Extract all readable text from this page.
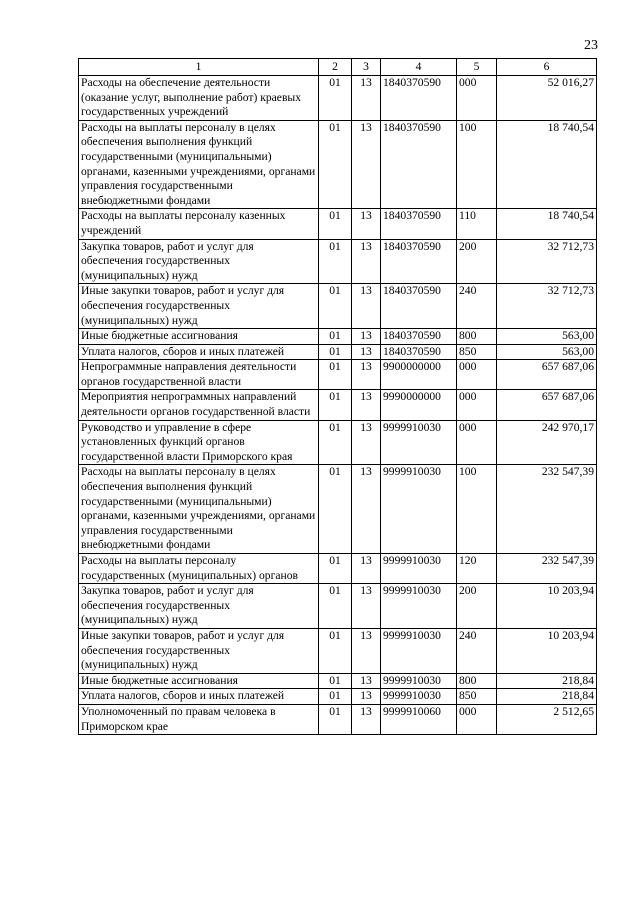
23
1	2	3	4	5	6
Расходы на обеспечение деятельности (оказание услуг, выполнение работ) краевых государственных учреждений	01	13	1840370590	000	52 016,27
Расходы на выплаты персоналу в целях обеспечения выполнения функций государственными (муниципальными) органами, казенными учреждениями, органами управления государственными внебюджетными фондами	01	13	1840370590	100	18 740,54
Расходы на выплаты персоналу казенных учреждений	01	13	1840370590	110	18 740,54
Закупка товаров, работ и услуг для обеспечения государственных (муниципальных) нужд	01	13	1840370590	200	32 712,73
Иные закупки товаров, работ и услуг для обеспечения государственных (муниципальных) нужд	01	13	1840370590	240	32 712,73
Иные бюджетные ассигнования	01	13	1840370590	800	563,00
Уплата налогов, сборов и иных платежей	01	13	1840370590	850	563,00
Непрограммные направления деятельности органов государственной власти	01	13	9900000000	000	657 687,06
Мероприятия непрограммных направлений деятельности органов государственной власти	01	13	9990000000	000	657 687,06
Руководство и управление в сфере установленных функций органов государственной власти Приморского края	01	13	9999910030	000	242 970,17
Расходы на выплаты персоналу в целях обеспечения выполнения функций государственными (муниципальными) органами, казенными учреждениями, органами управления государственными внебюджетными фондами	01	13	9999910030	100	232 547,39
Расходы на выплаты персоналу государственных (муниципальных) органов	01	13	9999910030	120	232 547,39
Закупка товаров, работ и услуг для обеспечения государственных (муниципальных) нужд	01	13	9999910030	200	10 203,94
Иные закупки товаров, работ и услуг для обеспечения государственных (муниципальных) нужд	01	13	9999910030	240	10 203,94
Иные бюджетные ассигнования	01	13	9999910030	800	218,84
Уплата налогов, сборов и иных платежей	01	13	9999910030	850	218,84
Уполномоченный по правам человека в Приморском крае	01	13	9999910060	000	2 512,65
